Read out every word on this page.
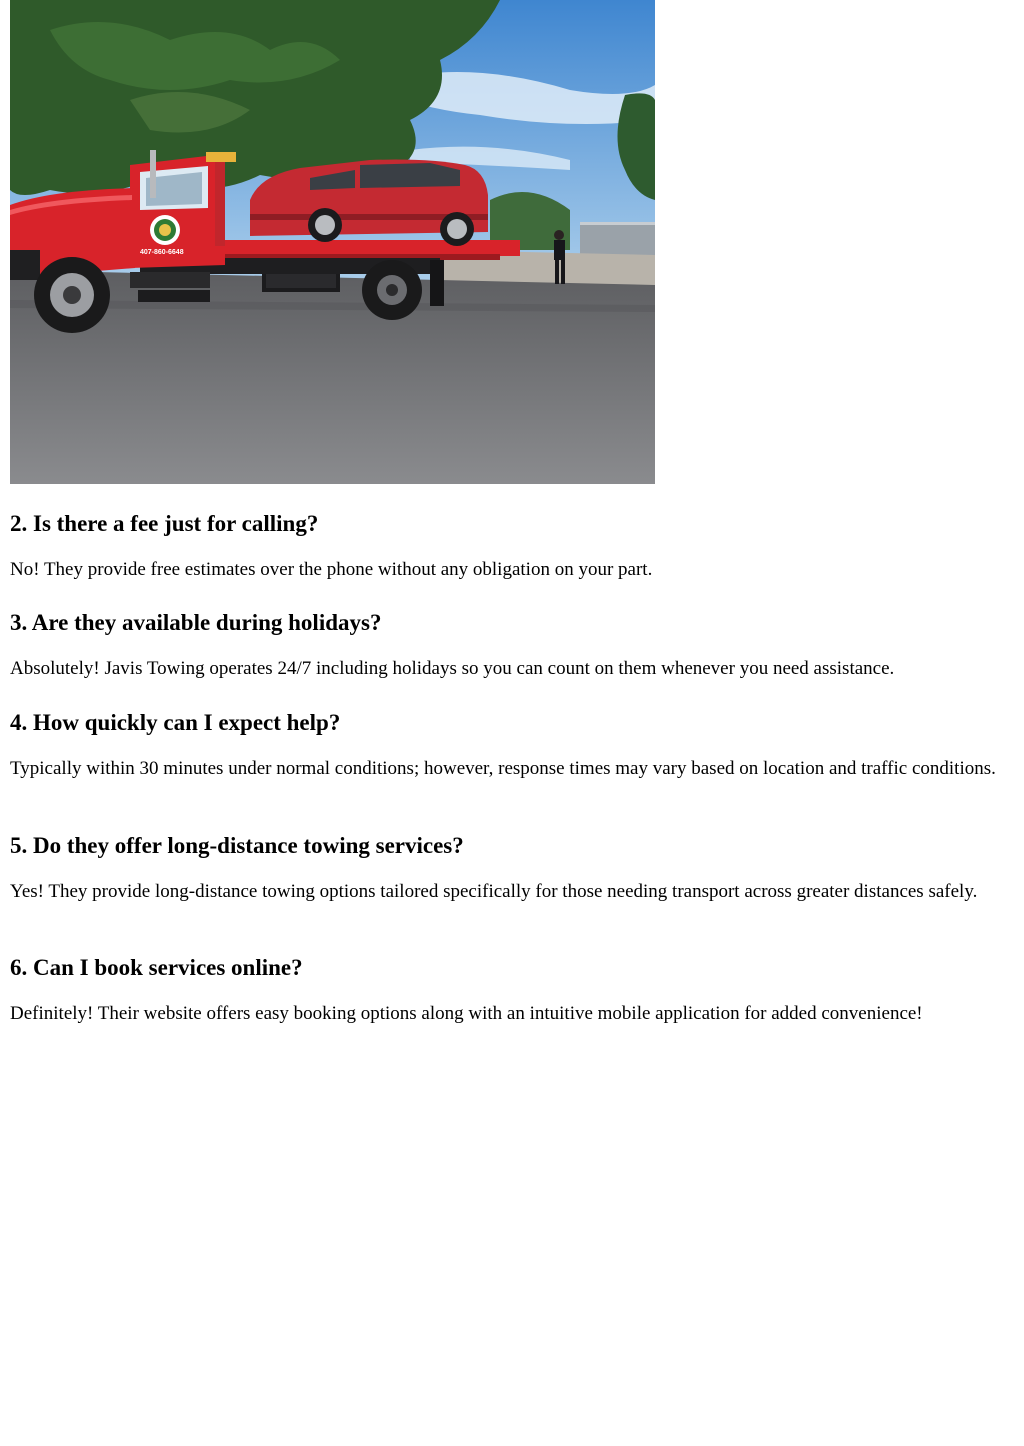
407-860-6648
2. Is there a fee just for calling?

No! They provide free estimates over the phone without any obligation on your part.

3. Are they available during holidays?

Absolutely! Javis Towing operates 24/7 including holidays so you can count on them whenever you need assistance.

4. How quickly can I expect help?

Typically within 30 minutes under normal conditions; however, response times may vary based on location and traffic conditions.

5. Do they offer long-distance towing services?

Yes! They provide long-distance towing options tailored specifically for those needing transport across greater distances safely.

6. Can I book services online?

Definitely! Their website offers easy booking options along with an intuitive mobile application for added convenience!
